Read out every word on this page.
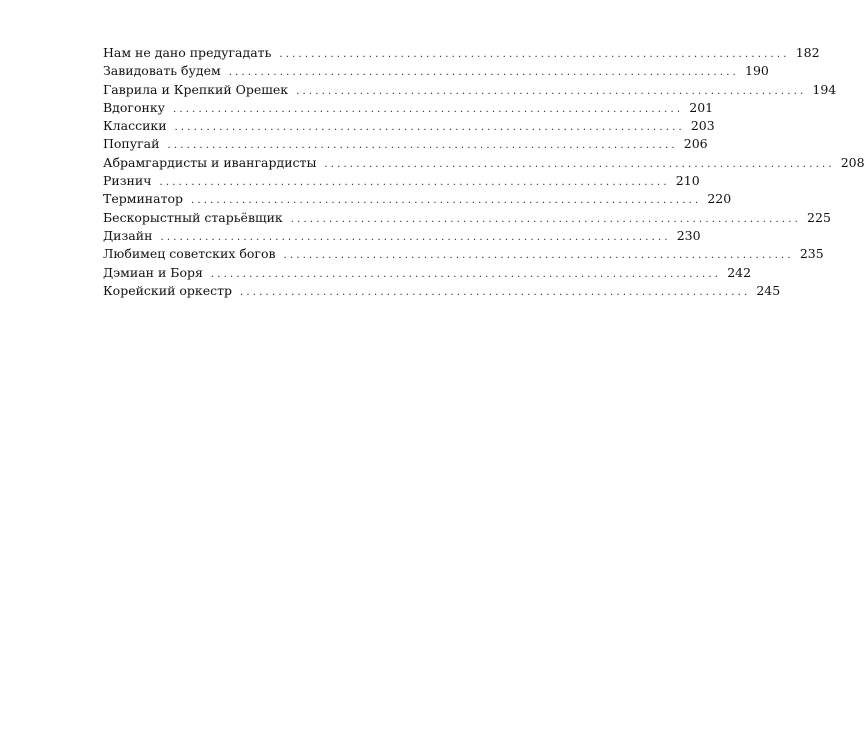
Нам не дано предугадать ................................................................................ 182
Завидовать будем ................................................................................ 190
Гаврила и Крепкий Орешек ................................................................................ 194
Вдогонку ................................................................................ 201
Классики ................................................................................ 203
Попугай ................................................................................ 206
Абрамгардисты и ивангардисты ................................................................................ 208
Ризнич ................................................................................ 210
Терминатор ................................................................................ 220
Бескорыстный старьёвщик ................................................................................ 225
Дизайн ................................................................................ 230
Любимец советских богов ................................................................................ 235
Дэмиан и Боря ................................................................................ 242
Корейский оркестр ................................................................................ 245
